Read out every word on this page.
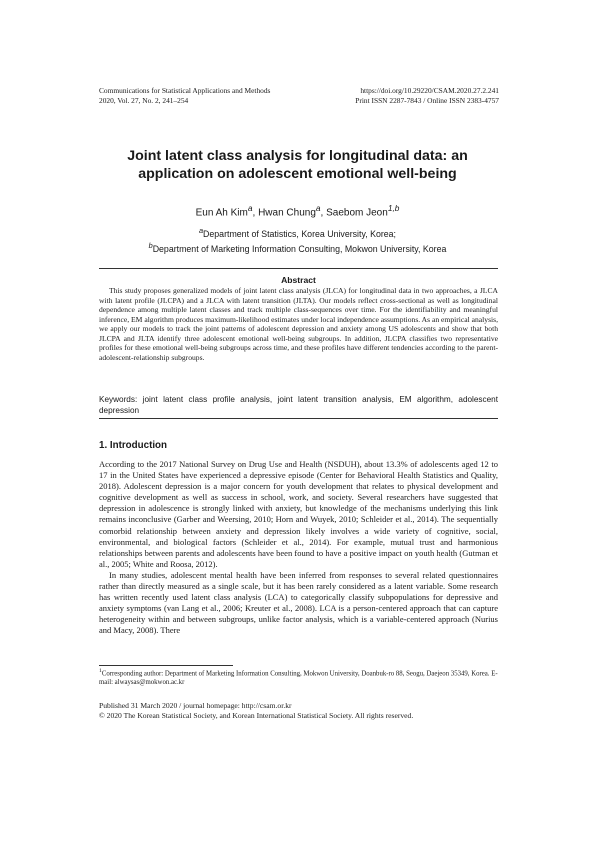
Communications for Statistical Applications and Methods
2020, Vol. 27, No. 2, 241–254
https://doi.org/10.29220/CSAM.2020.27.2.241
Print ISSN 2287-7843 / Online ISSN 2383-4757
Joint latent class analysis for longitudinal data: an
application on adolescent emotional well-being
Eun Ah Kim$^a$, Hwan Chung$^a$, Saebom Jeon$^{1,b}$
$^a$Department of Statistics, Korea University, Korea;
$^b$Department of Marketing Information Consulting, Mokwon University, Korea
Abstract
This study proposes generalized models of joint latent class analysis (JLCA) for longitudinal data in two approaches, a JLCA with latent profile (JLCPA) and a JLCA with latent transition (JLTA). Our models reflect cross-sectional as well as longitudinal dependence among multiple latent classes and track multiple class-sequences over time. For the identifiability and meaningful inference, EM algorithm produces maximum-likelihood estimates under local independence assumptions. As an empirical analysis, we apply our models to track the joint patterns of adolescent depression and anxiety among US adolescents and show that both JLCPA and JLTA identify three adolescent emotional well-being subgroups. In addition, JLCPA classifies two representative profiles for these emotional well-being subgroups across time, and these profiles have different tendencies according to the parent-adolescent-relationship subgroups.
Keywords: joint latent class profile analysis, joint latent transition analysis, EM algorithm, adolescent depression
1. Introduction

According to the 2017 National Survey on Drug Use and Health (NSDUH), about 13.3% of adolescents aged 12 to 17 in the United States have experienced a depressive episode (Center for Behavioral Health Statistics and Quality, 2018). Adolescent depression is a major concern for youth development that relates to physical development and cognitive development as well as success in school, work, and society. Several researchers have suggested that depression in adolescence is strongly linked with anxiety, but knowledge of the mechanisms underlying this link remains inconclusive (Garber and Weersing, 2010; Horn and Wuyek, 2010; Schleider et al., 2014). The sequentially comorbid relationship between anxiety and depression likely involves a wide variety of cognitive, social, environmental, and biological factors (Schleider et al., 2014). For example, mutual trust and harmonious relationships between parents and adolescents have been found to have a positive impact on youth health (Gutman et al., 2005; White and Roosa, 2012).

In many studies, adolescent mental health have been inferred from responses to several related questionnaires rather than directly measured as a single scale, but it has been rarely considered as a latent variable. Some research has written recently used latent class analysis (LCA) to categorically classify subpopulations for depressive and anxiety symptoms (van Lang et al., 2006; Kreuter et al., 2008). LCA is a person-centered approach that can capture heterogeneity within and between subgroups, unlike factor analysis, which is a variable-centered approach (Nurius and Macy, 2008). There

$^1$Corresponding author: Department of Marketing Information Consulting, Mokwon University, Doanbuk-ro 88, Seogu, Daejeon 35349, Korea. E-mail: alwaysas@mokwon.ac.kr
Published 31 March 2020 / journal homepage: http://csam.or.kr
© 2020 The Korean Statistical Society, and Korean International Statistical Society. All rights reserved.
